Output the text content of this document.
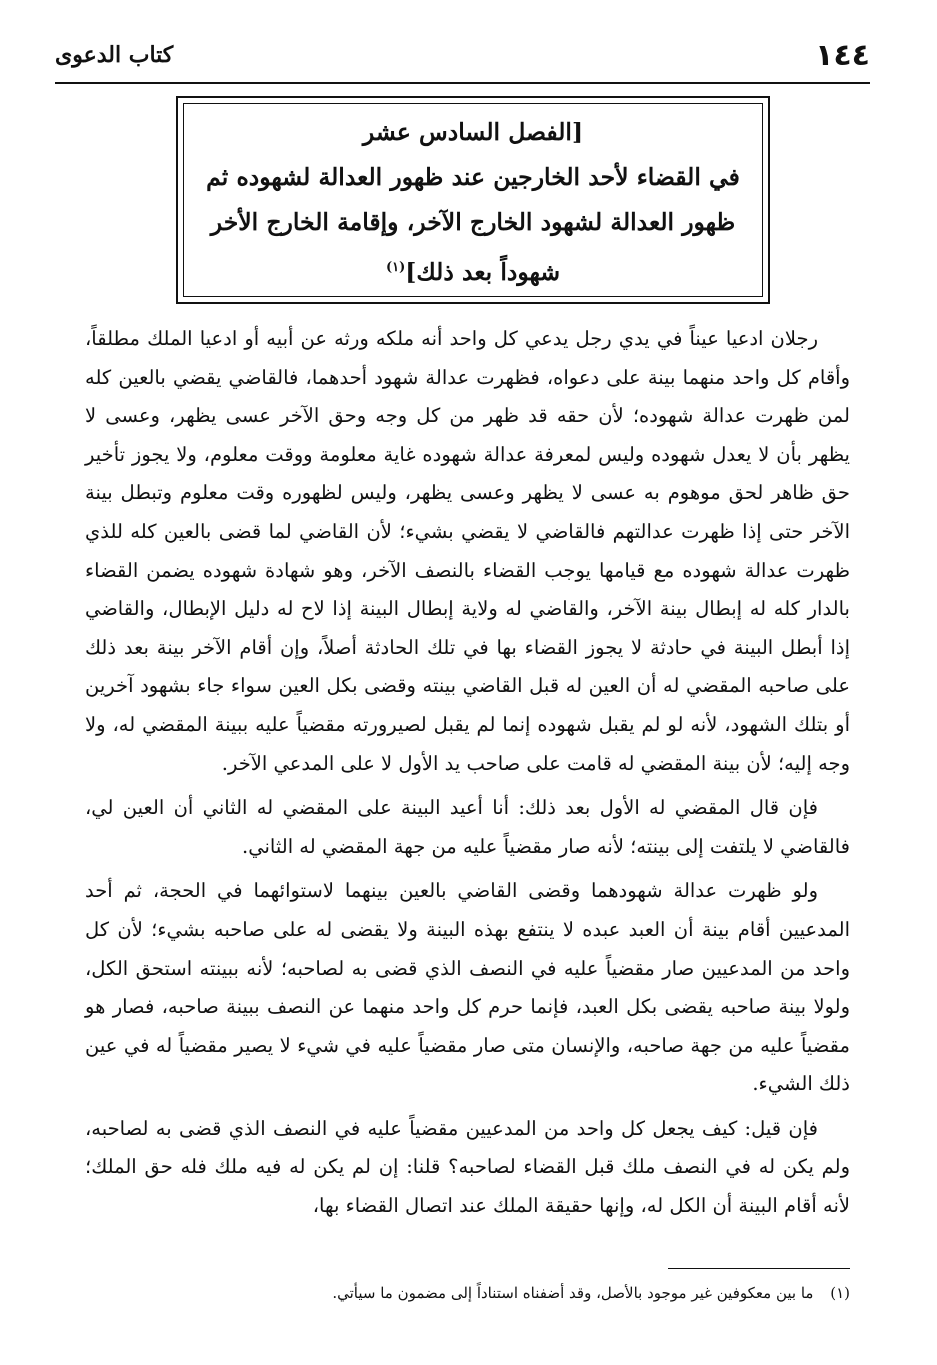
١٤٤
كتاب الدعوى
[الفصل السادس عشر
في القضاء لأحد الخارجين عند ظهور العدالة لشهوده ثم
ظهور العدالة لشهود الخارج الآخر، وإقامة الخارج الأخر
شهوداً بعد ذلك]$^{(١)}$

رجلان ادعيا عيناً في يدي رجل يدعي كل واحد أنه ملكه ورثه عن أبيه أو ادعيا الملك مطلقاً، وأقام كل واحد منهما بينة على دعواه، فظهرت عدالة شهود أحدهما، فالقاضي يقضي بالعين كله لمن ظهرت عدالة شهوده؛ لأن حقه قد ظهر من كل وجه وحق الآخر عسى يظهر، وعسى لا يظهر بأن لا يعدل شهوده وليس لمعرفة عدالة شهوده غاية معلومة ووقت معلوم، ولا يجوز تأخير حق ظاهر لحق موهوم به عسى لا يظهر وعسى يظهر، وليس لظهوره وقت معلوم وتبطل بينة الآخر حتى إذا ظهرت عدالتهم فالقاضي لا يقضي بشيء؛ لأن القاضي لما قضى بالعين كله للذي ظهرت عدالة شهوده مع قيامها يوجب القضاء بالنصف الآخر، وهو شهادة شهوده يضمن القضاء بالدار كله له إبطال بينة الآخر، والقاضي له ولاية إبطال البينة إذا لاح له دليل الإبطال، والقاضي إذا أبطل البينة في حادثة لا يجوز القضاء بها في تلك الحادثة أصلاً، وإن أقام الآخر بينة بعد ذلك على صاحبه المقضي له أن العين له قبل القاضي بينته وقضى بكل العين سواء جاء بشهود آخرين أو بتلك الشهود، لأنه لو لم يقبل شهوده إنما لم يقبل لصيرورته مقضياً عليه ببينة المقضي له، ولا وجه إليه؛ لأن بينة المقضي له قامت على صاحب يد الأول لا على المدعي الآخر.

فإن قال المقضي له الأول بعد ذلك: أنا أعيد البينة على المقضي له الثاني أن العين لي، فالقاضي لا يلتفت إلى بينته؛ لأنه صار مقضياً عليه من جهة المقضي له الثاني.

ولو ظهرت عدالة شهودهما وقضى القاضي بالعين بينهما لاستوائهما في الحجة، ثم أحد المدعيين أقام بينة أن العبد عبده لا ينتفع بهذه البينة ولا يقضى له على صاحبه بشيء؛ لأن كل واحد من المدعيين صار مقضياً عليه في النصف الذي قضى به لصاحبه؛ لأنه ببينته استحق الكل، ولولا بينة صاحبه يقضى بكل العبد، فإنما حرم كل واحد منهما عن النصف ببينة صاحبه، فصار هو مقضياً عليه من جهة صاحبه، والإنسان متى صار مقضياً عليه في شيء لا يصير مقضياً له في عين ذلك الشيء.

فإن قيل: كيف يجعل كل واحد من المدعيين مقضياً عليه في النصف الذي قضى به لصاحبه، ولم يكن له في النصف ملك قبل القضاء لصاحبه؟ قلنا: إن لم يكن له فيه ملك فله حق الملك؛ لأنه أقام البينة أن الكل له، وإنها حقيقة الملك عند اتصال القضاء بها،

(١) ما بين معكوفين غير موجود بالأصل، وقد أضفناه استناداً إلى مضمون ما سيأتي.
